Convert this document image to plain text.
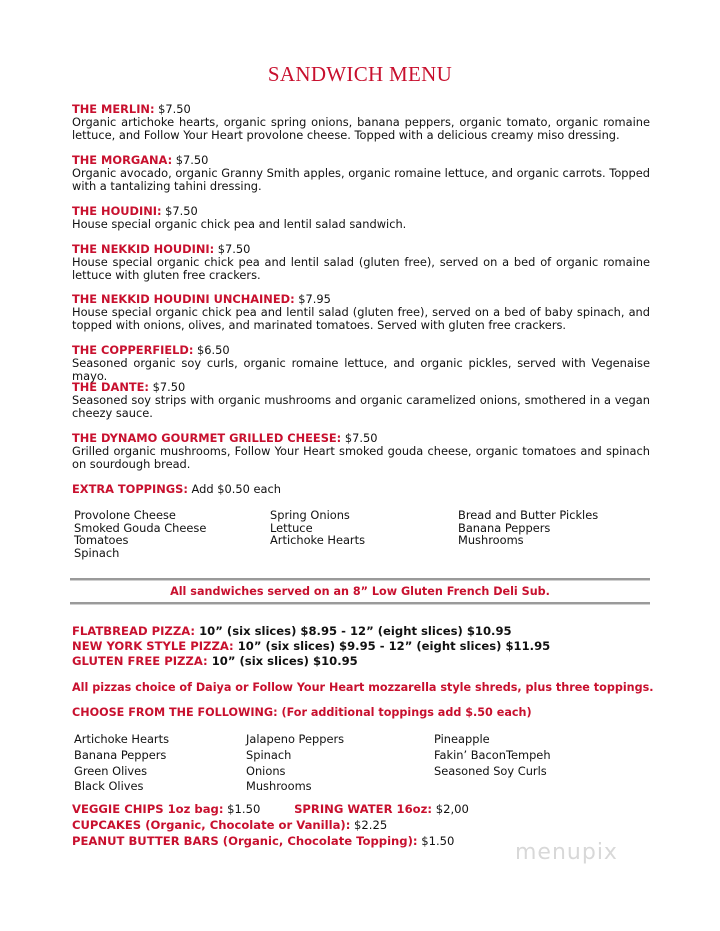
SANDWICH MENU
THE MERLIN: $7.50
Organic artichoke hearts, organic spring onions, banana peppers, organic tomato, organic romaine lettuce, and Follow Your Heart provolone cheese. Topped with a delicious creamy miso dressing.
THE MORGANA: $7.50
Organic avocado, organic Granny Smith apples, organic romaine lettuce, and organic carrots. Topped with a tantalizing tahini dressing.
THE HOUDINI: $7.50
House special organic chick pea and lentil salad sandwich.
THE NEKKID HOUDINI: $7.50
House special organic chick pea and lentil salad (gluten free), served on a bed of organic romaine lettuce with gluten free crackers.
THE NEKKID HOUDINI UNCHAINED: $7.95
House special organic chick pea and lentil salad (gluten free), served on a bed of baby spinach, and topped with onions, olives, and marinated tomatoes. Served with gluten free crackers.
THE COPPERFIELD: $6.50
Seasoned organic soy curls, organic romaine lettuce, and organic pickles, served with Vegenaise mayo.
THE DANTE: $7.50
Seasoned soy strips with organic mushrooms and organic caramelized onions, smothered in a vegan cheezy sauce.
THE DYNAMO GOURMET GRILLED CHEESE: $7.50
Grilled organic mushrooms, Follow Your Heart smoked gouda cheese, organic tomatoes and spinach on sourdough bread.
EXTRA TOPPINGS: Add $0.50 each
Provolone Cheese
Smoked Gouda Cheese
Tomatoes
Spinach
Spring Onions
Lettuce
Artichoke Hearts
Bread and Butter Pickles
Banana Peppers
Mushrooms
All sandwiches served on an 8” Low Gluten French Deli Sub.
FLATBREAD PIZZA: 10” (six slices) $8.95 - 12” (eight slices) $10.95
NEW YORK STYLE PIZZA: 10” (six slices) $9.95 - 12” (eight slices) $11.95
GLUTEN FREE PIZZA: 10” (six slices) $10.95
All pizzas choice of Daiya or Follow Your Heart mozzarella style shreds, plus three toppings.
CHOOSE FROM THE FOLLOWING: (For additional toppings add $.50 each)
Artichoke Hearts
Banana Peppers
Green Olives
Black Olives
Jalapeno Peppers
Spinach
Onions
Mushrooms
Pineapple
Fakin’ BaconTempeh
Seasoned Soy Curls
VEGGIE CHIPS 1oz bag: $1.50	SPRING WATER 16oz: $2,00
CUPCAKES (Organic, Chocolate or Vanilla): $2.25
PEANUT BUTTER BARS (Organic, Chocolate Topping): $1.50	menupix
